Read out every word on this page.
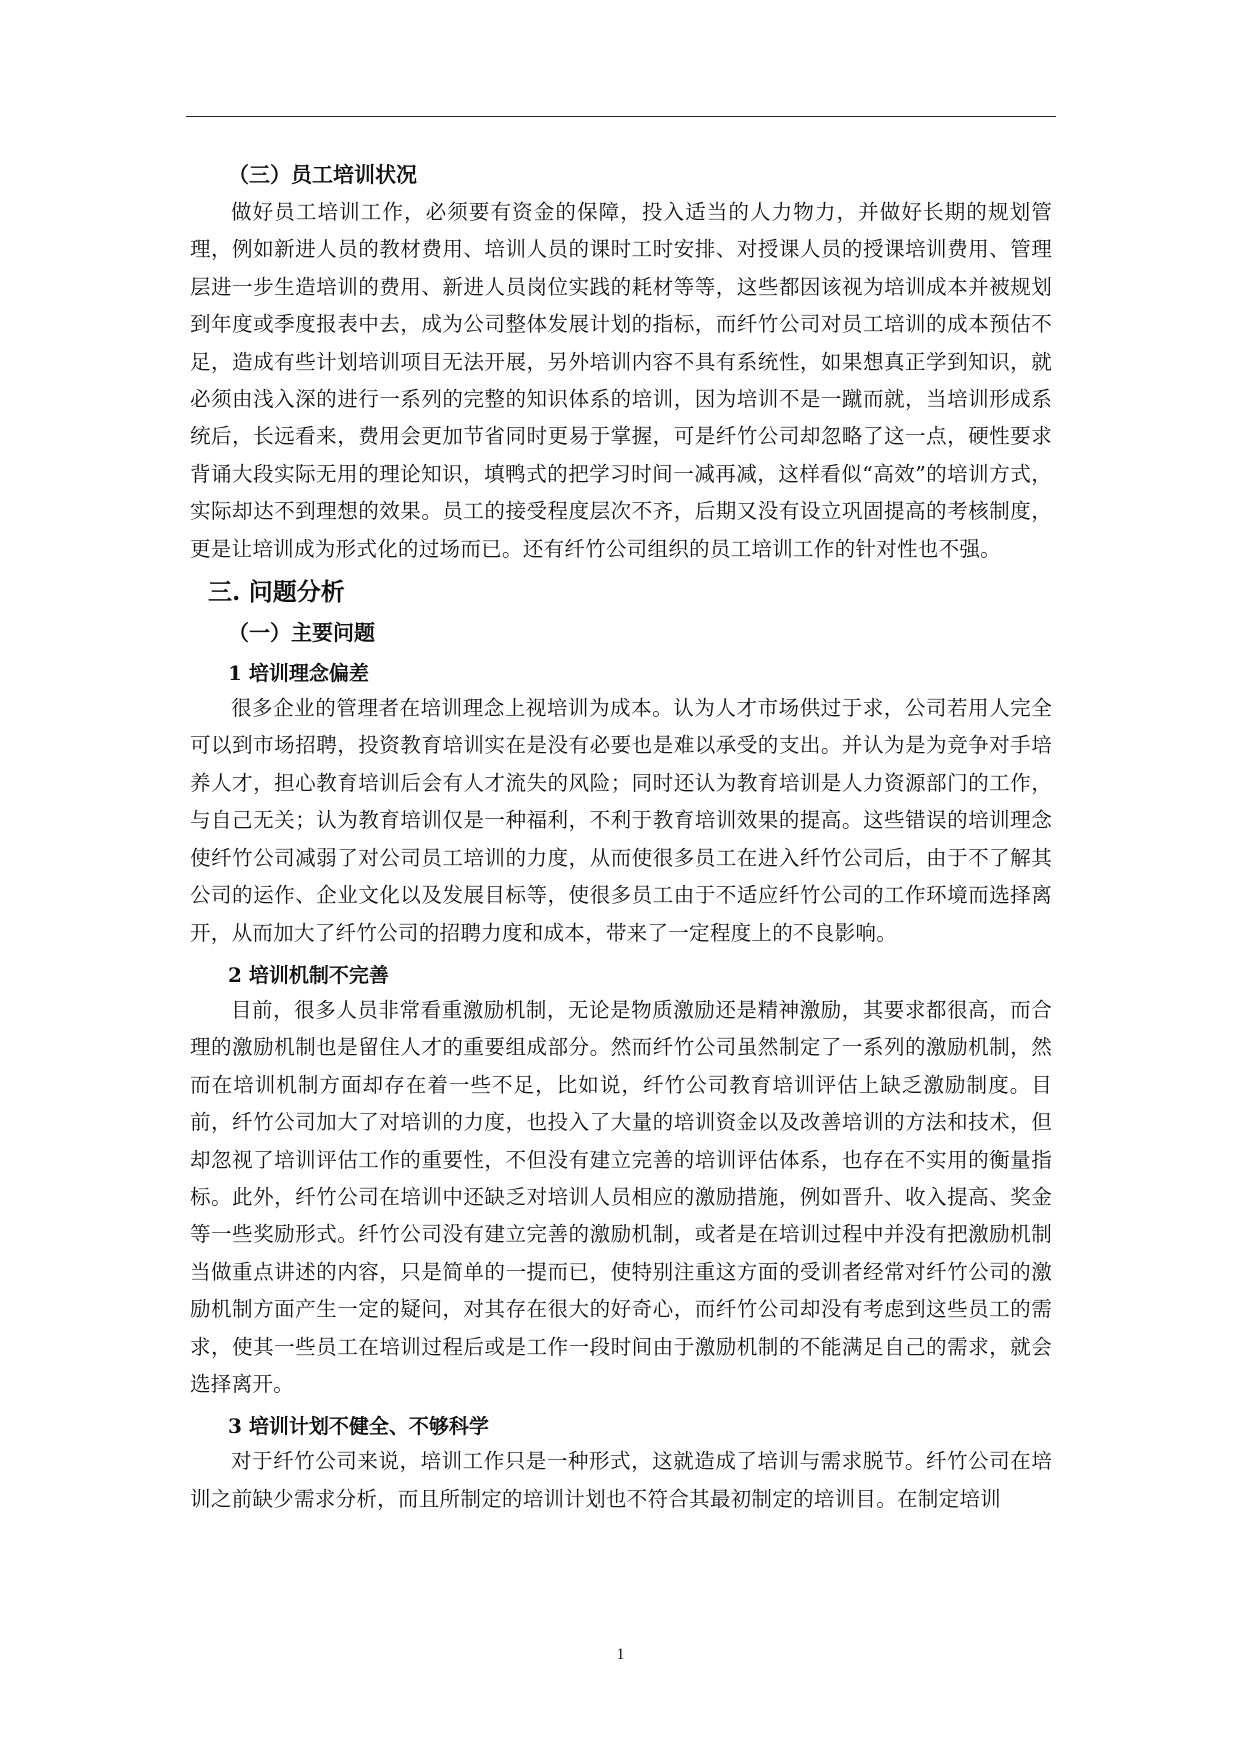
（三）员工培训状况

做好员工培训工作，必须要有资金的保障，投入适当的人力物力，并做好长期的规划管理，例如新进人员的教材费用、培训人员的课时工时安排、对授课人员的授课培训费用、管理层进一步生造培训的费用、新进人员岗位实践的耗材等等，这些都因该视为培训成本并被规划到年度或季度报表中去，成为公司整体发展计划的指标，而纤竹公司对员工培训的成本预估不足，造成有些计划培训项目无法开展，另外培训内容不具有系统性，如果想真正学到知识，就必须由浅入深的进行一系列的完整的知识体系的培训，因为培训不是一蹴而就，当培训形成系统后，长远看来，费用会更加节省同时更易于掌握，可是纤竹公司却忽略了这一点，硬性要求背诵大段实际无用的理论知识，填鸭式的把学习时间一减再减，这样看似“高效”的培训方式，实际却达不到理想的效果。员工的接受程度层次不齐，后期又没有设立巩固提高的考核制度，更是让培训成为形式化的过场而已。还有纤竹公司组织的员工培训工作的针对性也不强。

三. 问题分析
（一）主要问题
1 培训理念偏差

很多企业的管理者在培训理念上视培训为成本。认为人才市场供过于求，公司若用人完全可以到市场招聘，投资教育培训实在是没有必要也是难以承受的支出。并认为是为竞争对手培养人才，担心教育培训后会有人才流失的风险；同时还认为教育培训是人力资源部门的工作，与自己无关；认为教育培训仅是一种福利，不利于教育培训效果的提高。这些错误的培训理念使纤竹公司减弱了对公司员工培训的力度，从而使很多员工在进入纤竹公司后，由于不了解其公司的运作、企业文化以及发展目标等，使很多员工由于不适应纤竹公司的工作环境而选择离开，从而加大了纤竹公司的招聘力度和成本，带来了一定程度上的不良影响。

2 培训机制不完善

目前，很多人员非常看重激励机制，无论是物质激励还是精神激励，其要求都很高，而合理的激励机制也是留住人才的重要组成部分。然而纤竹公司虽然制定了一系列的激励机制，然而在培训机制方面却存在着一些不足，比如说，纤竹公司教育培训评估上缺乏激励制度。目前，纤竹公司加大了对培训的力度，也投入了大量的培训资金以及改善培训的方法和技术，但却忽视了培训评估工作的重要性，不但没有建立完善的培训评估体系，也存在不实用的衡量指标。此外，纤竹公司在培训中还缺乏对培训人员相应的激励措施，例如晋升、收入提高、奖金等一些奖励形式。纤竹公司没有建立完善的激励机制，或者是在培训过程中并没有把激励机制当做重点讲述的内容，只是简单的一提而已，使特别注重这方面的受训者经常对纤竹公司的激励机制方面产生一定的疑问，对其存在很大的好奇心，而纤竹公司却没有考虑到这些员工的需求，使其一些员工在培训过程后或是工作一段时间由于激励机制的不能满足自己的需求，就会选择离开。

3 培训计划不健全、不够科学

对于纤竹公司来说，培训工作只是一种形式，这就造成了培训与需求脱节。纤竹公司在培训之前缺少需求分析，而且所制定的培训计划也不符合其最初制定的培训目。在制定培训

1
